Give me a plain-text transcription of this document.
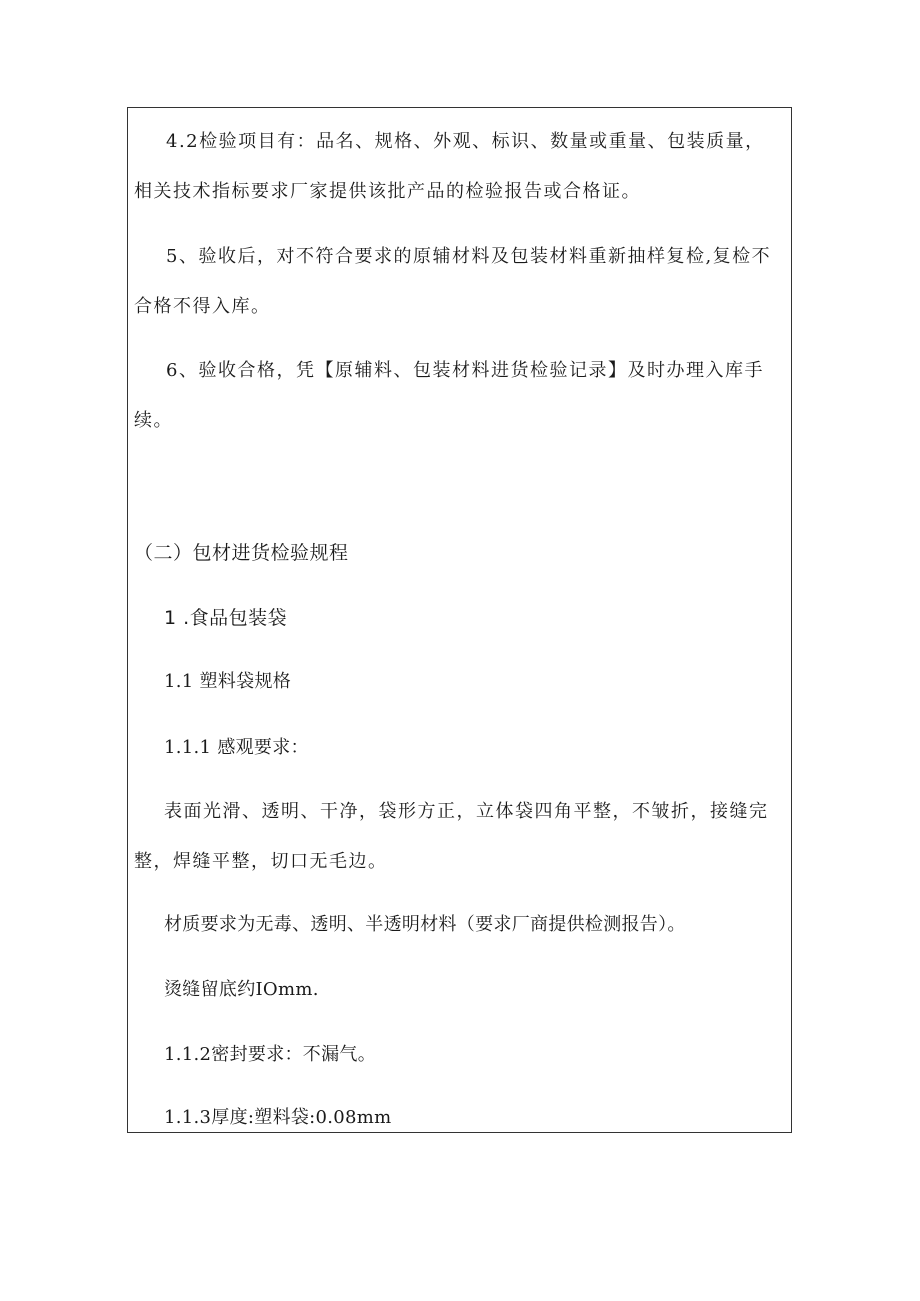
4.2检验项目有：品名、规格、外观、标识、数量或重量、包装质量，
相关技术指标要求厂家提供该批产品的检验报告或合格证。
5、验收后，对不符合要求的原辅材料及包装材料重新抽样复检,复检不
合格不得入库。
6、验收合格，凭【原辅料、包装材料进货检验记录】及时办理入库手
续。
（二）包材进货检验规程
1 .食品包装袋
1.1 塑料袋规格
1.1.1 感观要求：
表面光滑、透明、干净，袋形方正，立体袋四角平整，不皱折，接缝完
整，焊缝平整，切口无毛边。
材质要求为无毒、透明、半透明材料（要求厂商提供检测报告）。
烫缝留底约IOmm.
1.1.2密封要求：不漏气。
1.1.3厚度:塑料袋:0.08mm
